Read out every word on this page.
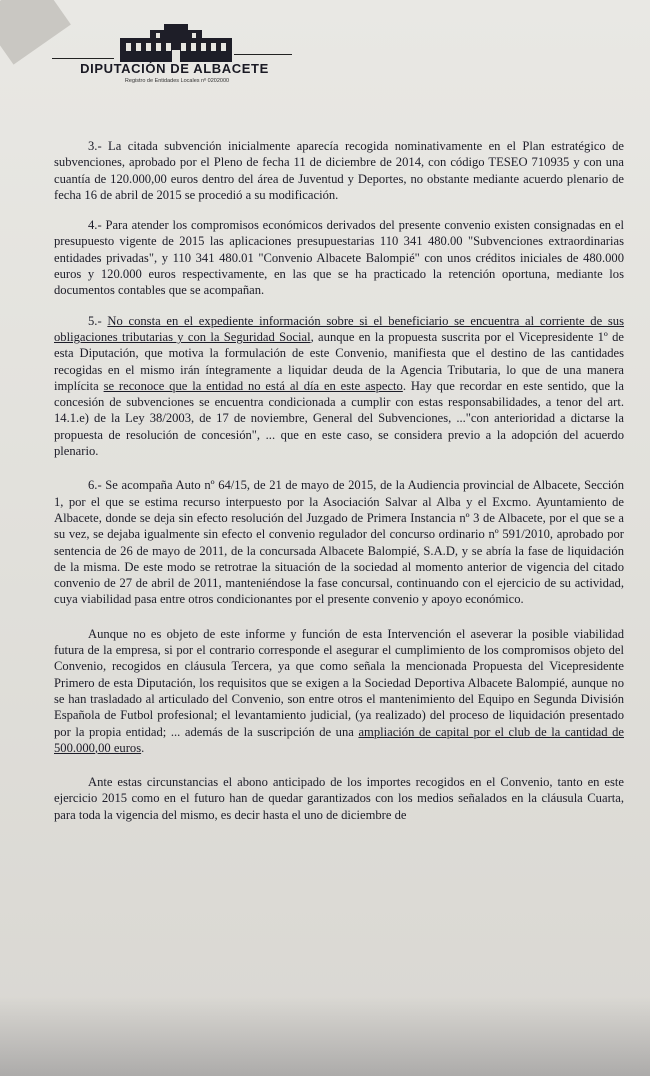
DIPUTACIÓN DE ALBACETE
Registro de Entidades Locales nº 0202000

3.- La citada subvención inicialmente aparecía recogida nominativamente en el Plan estratégico de subvenciones, aprobado por el Pleno de fecha 11 de diciembre de 2014, con código TESEO 710935 y con una cuantía de 120.000,00 euros dentro del área de Juventud y Deportes, no obstante mediante acuerdo plenario de fecha 16 de abril de 2015 se procedió a su modificación.

4.- Para atender los compromisos económicos derivados del presente convenio existen consignadas en el presupuesto vigente de 2015 las aplicaciones presupuestarias 110 341 480.00 "Subvenciones extraordinarias entidades privadas", y 110 341 480.01 "Convenio Albacete Balompié" con unos créditos iniciales de 480.000 euros y 120.000 euros respectivamente, en las que se ha practicado la retención oportuna, mediante los documentos contables que se acompañan.

5.- No consta en el expediente información sobre si el beneficiario se encuentra al corriente de sus obligaciones tributarias y con la Seguridad Social, aunque en la propuesta suscrita por el Vicepresidente 1º de esta Diputación, que motiva la formulación de este Convenio, manifiesta que el destino de las cantidades recogidas en el mismo irán íntegramente a liquidar deuda de la Agencia Tributaria, lo que de una manera implícita se reconoce que la entidad no está al día en este aspecto. Hay que recordar en este sentido, que la concesión de subvenciones se encuentra condicionada a cumplir con estas responsabilidades, a tenor del art. 14.1.e) de la Ley 38/2003, de 17 de noviembre, General del Subvenciones, ..."con anterioridad a dictarse la propuesta de resolución de concesión", ... que en este caso, se considera previo a la adopción del acuerdo plenario.

6.- Se acompaña Auto nº 64/15, de 21 de mayo de 2015, de la Audiencia provincial de Albacete, Sección 1, por el que se estima recurso interpuesto por la Asociación Salvar al Alba y el Excmo. Ayuntamiento de Albacete, donde se deja sin efecto resolución del Juzgado de Primera Instancia nº 3 de Albacete, por el que se a su vez, se dejaba igualmente sin efecto el convenio regulador del concurso ordinario nº 591/2010, aprobado por sentencia de 26 de mayo de 2011, de la concursada Albacete Balompié, S.A.D, y se abría la fase de liquidación de la misma. De este modo se retrotrae la situación de la sociedad al momento anterior de vigencia del citado convenio de 27 de abril de 2011, manteniéndose la fase concursal, continuando con el ejercicio de su actividad, cuya viabilidad pasa entre otros condicionantes por el presente convenio y apoyo económico.

Aunque no es objeto de este informe y función de esta Intervención el aseverar la posible viabilidad futura de la empresa, si por el contrario corresponde el asegurar el cumplimiento de los compromisos objeto del Convenio, recogidos en cláusula Tercera, ya que como señala la mencionada Propuesta del Vicepresidente Primero de esta Diputación, los requisitos que se exigen a la Sociedad Deportiva Albacete Balompié, aunque no se han trasladado al articulado del Convenio, son entre otros el mantenimiento del Equipo en Segunda División Española de Futbol profesional; el levantamiento judicial, (ya realizado) del proceso de liquidación presentado por la propia entidad; ... además de la suscripción de una ampliación de capital por el club de la cantidad de 500.000,00 euros.

Ante estas circunstancias el abono anticipado de los importes recogidos en el Convenio, tanto en este ejercicio 2015 como en el futuro han de quedar garantizados con los medios señalados en la cláusula Cuarta, para toda la vigencia del mismo, es decir hasta el uno de diciembre de
